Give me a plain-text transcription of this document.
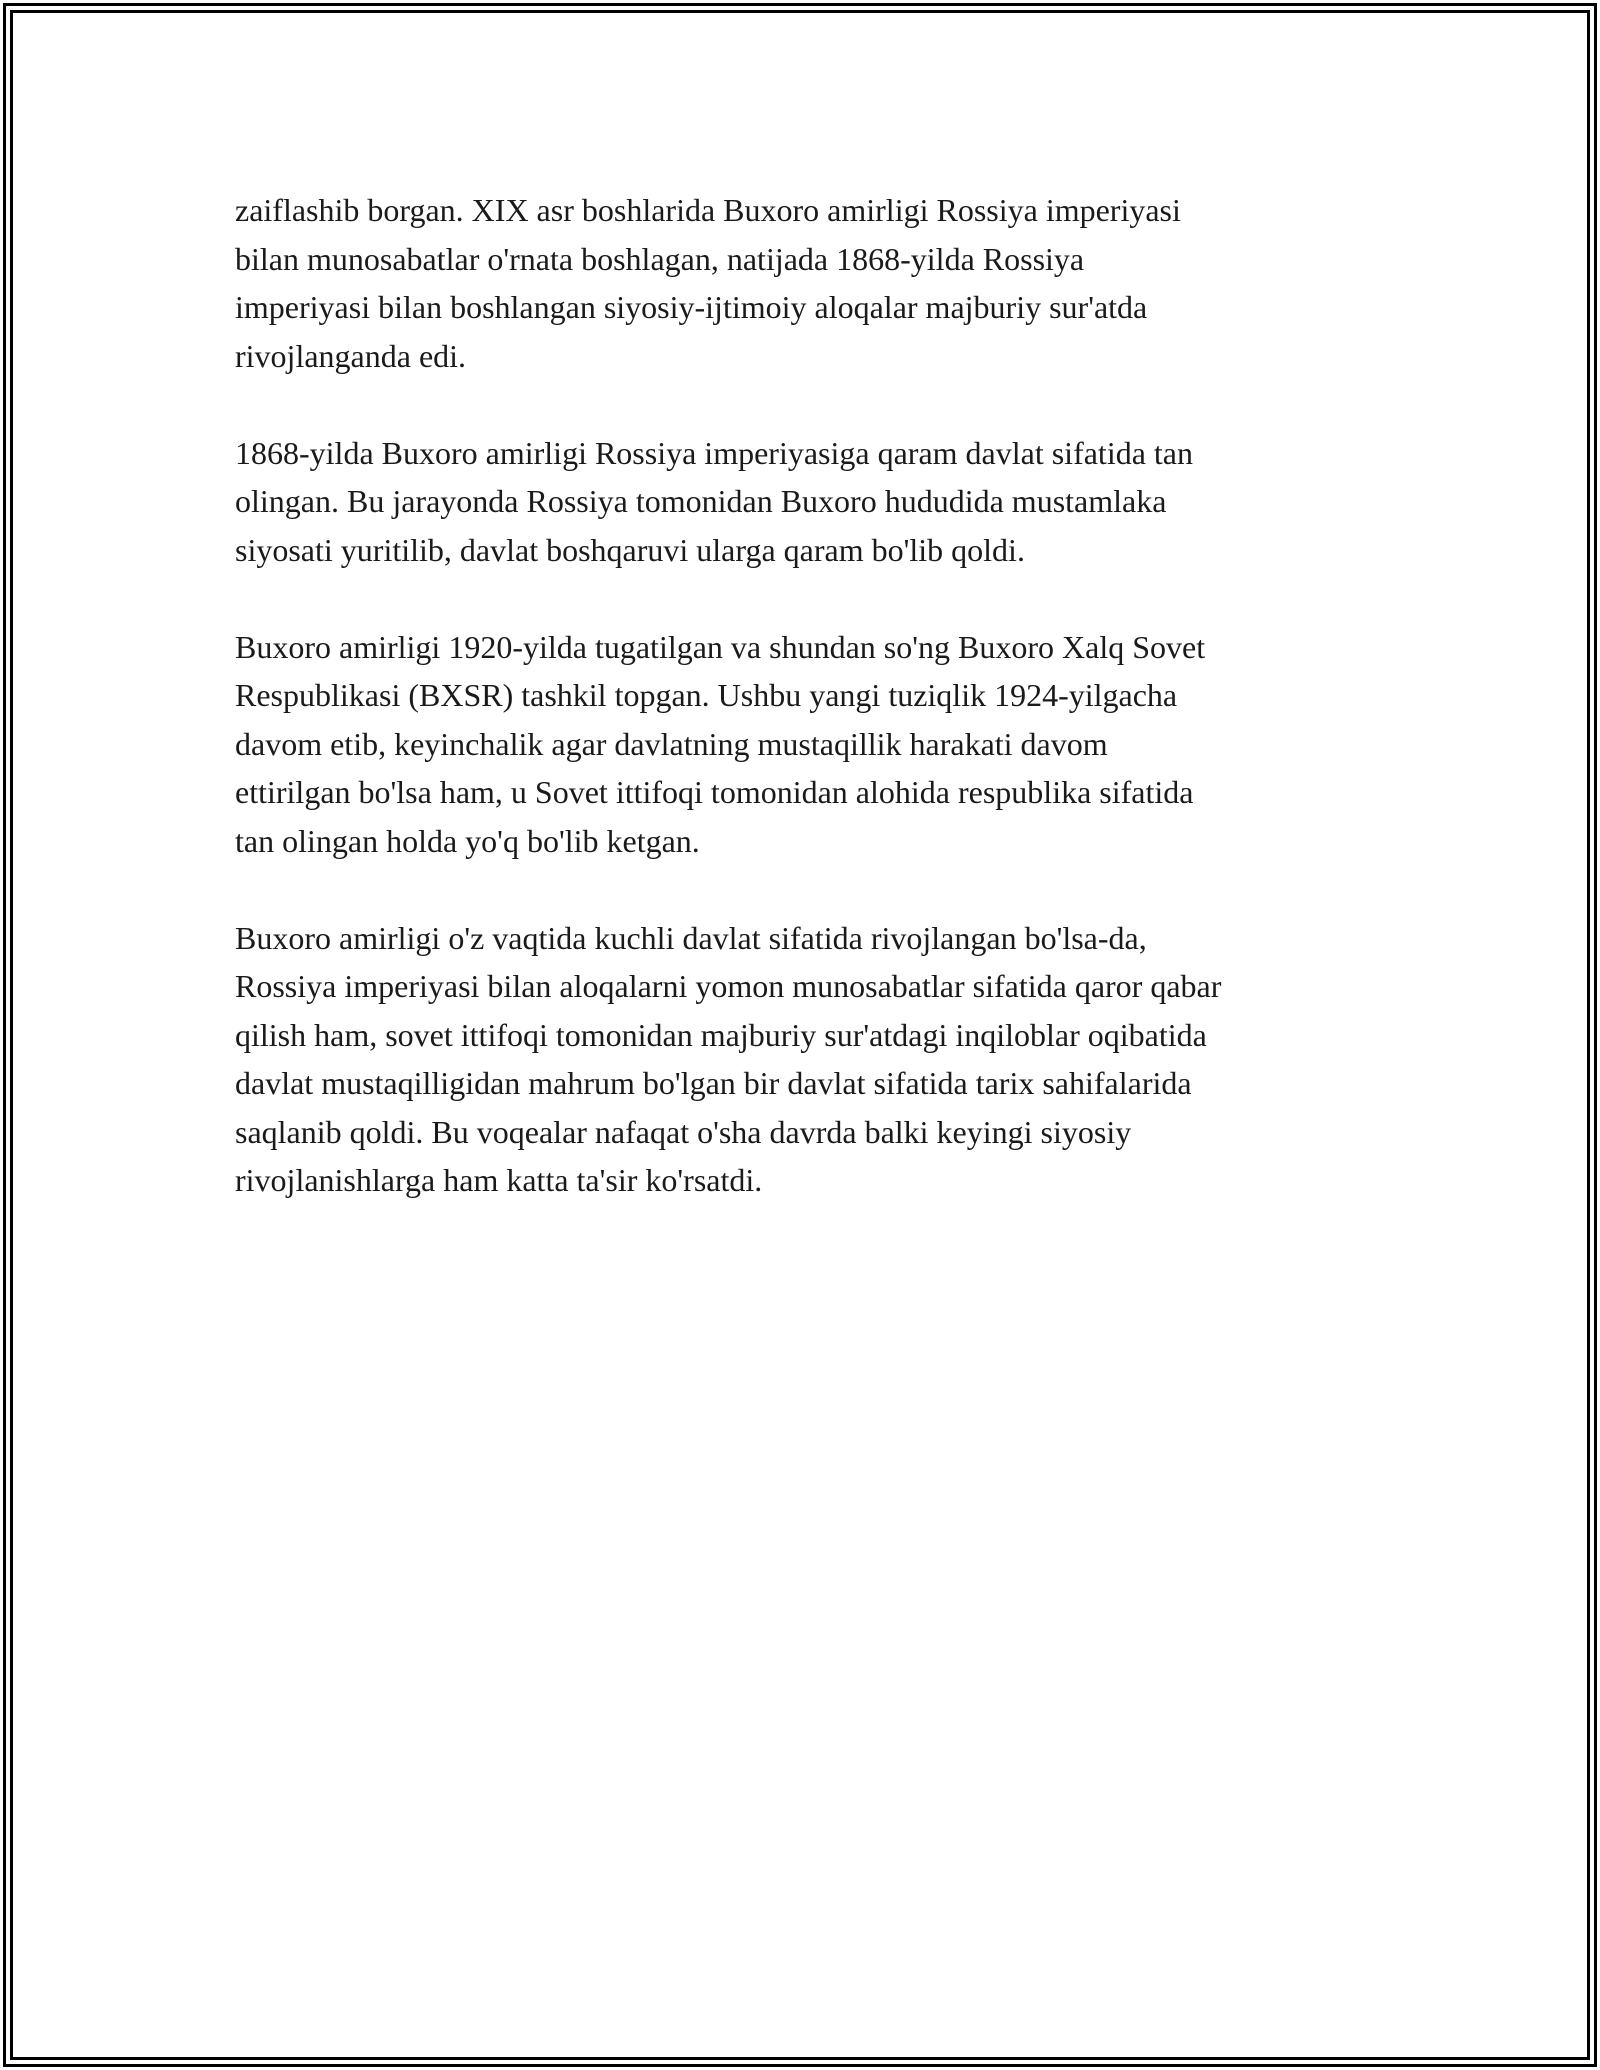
zaiflashib borgan. XIX asr boshlarida Buxoro amirligi Rossiya imperiyasi
bilan munosabatlar o'rnata boshlagan, natijada 1868-yilda Rossiya
imperiyasi bilan boshlangan siyosiy-ijtimoiy aloqalar majburiy sur'atda
rivojlanganda edi.

1868-yilda Buxoro amirligi Rossiya imperiyasiga qaram davlat sifatida tan
olingan. Bu jarayonda Rossiya tomonidan Buxoro hududida mustamlaka
siyosati yuritilib, davlat boshqaruvi ularga qaram bo'lib qoldi.

Buxoro amirligi 1920-yilda tugatilgan va shundan so'ng Buxoro Xalq Sovet
Respublikasi (BXSR) tashkil topgan. Ushbu yangi tuziqlik 1924-yilgacha
davom etib, keyinchalik agar davlatning mustaqillik harakati davom
ettirilgan bo'lsa ham, u Sovet ittifoqi tomonidan alohida respublika sifatida
tan olingan holda yo'q bo'lib ketgan.

Buxoro amirligi o'z vaqtida kuchli davlat sifatida rivojlangan bo'lsa-da,
Rossiya imperiyasi bilan aloqalarni yomon munosabatlar sifatida qaror qabar
qilish ham, sovet ittifoqi tomonidan majburiy sur'atdagi inqiloblar oqibatida
davlat mustaqilligidan mahrum bo'lgan bir davlat sifatida tarix sahifalarida
saqlanib qoldi. Bu voqealar nafaqat o'sha davrda balki keyingi siyosiy
rivojlanishlarga ham katta ta'sir ko'rsatdi.
